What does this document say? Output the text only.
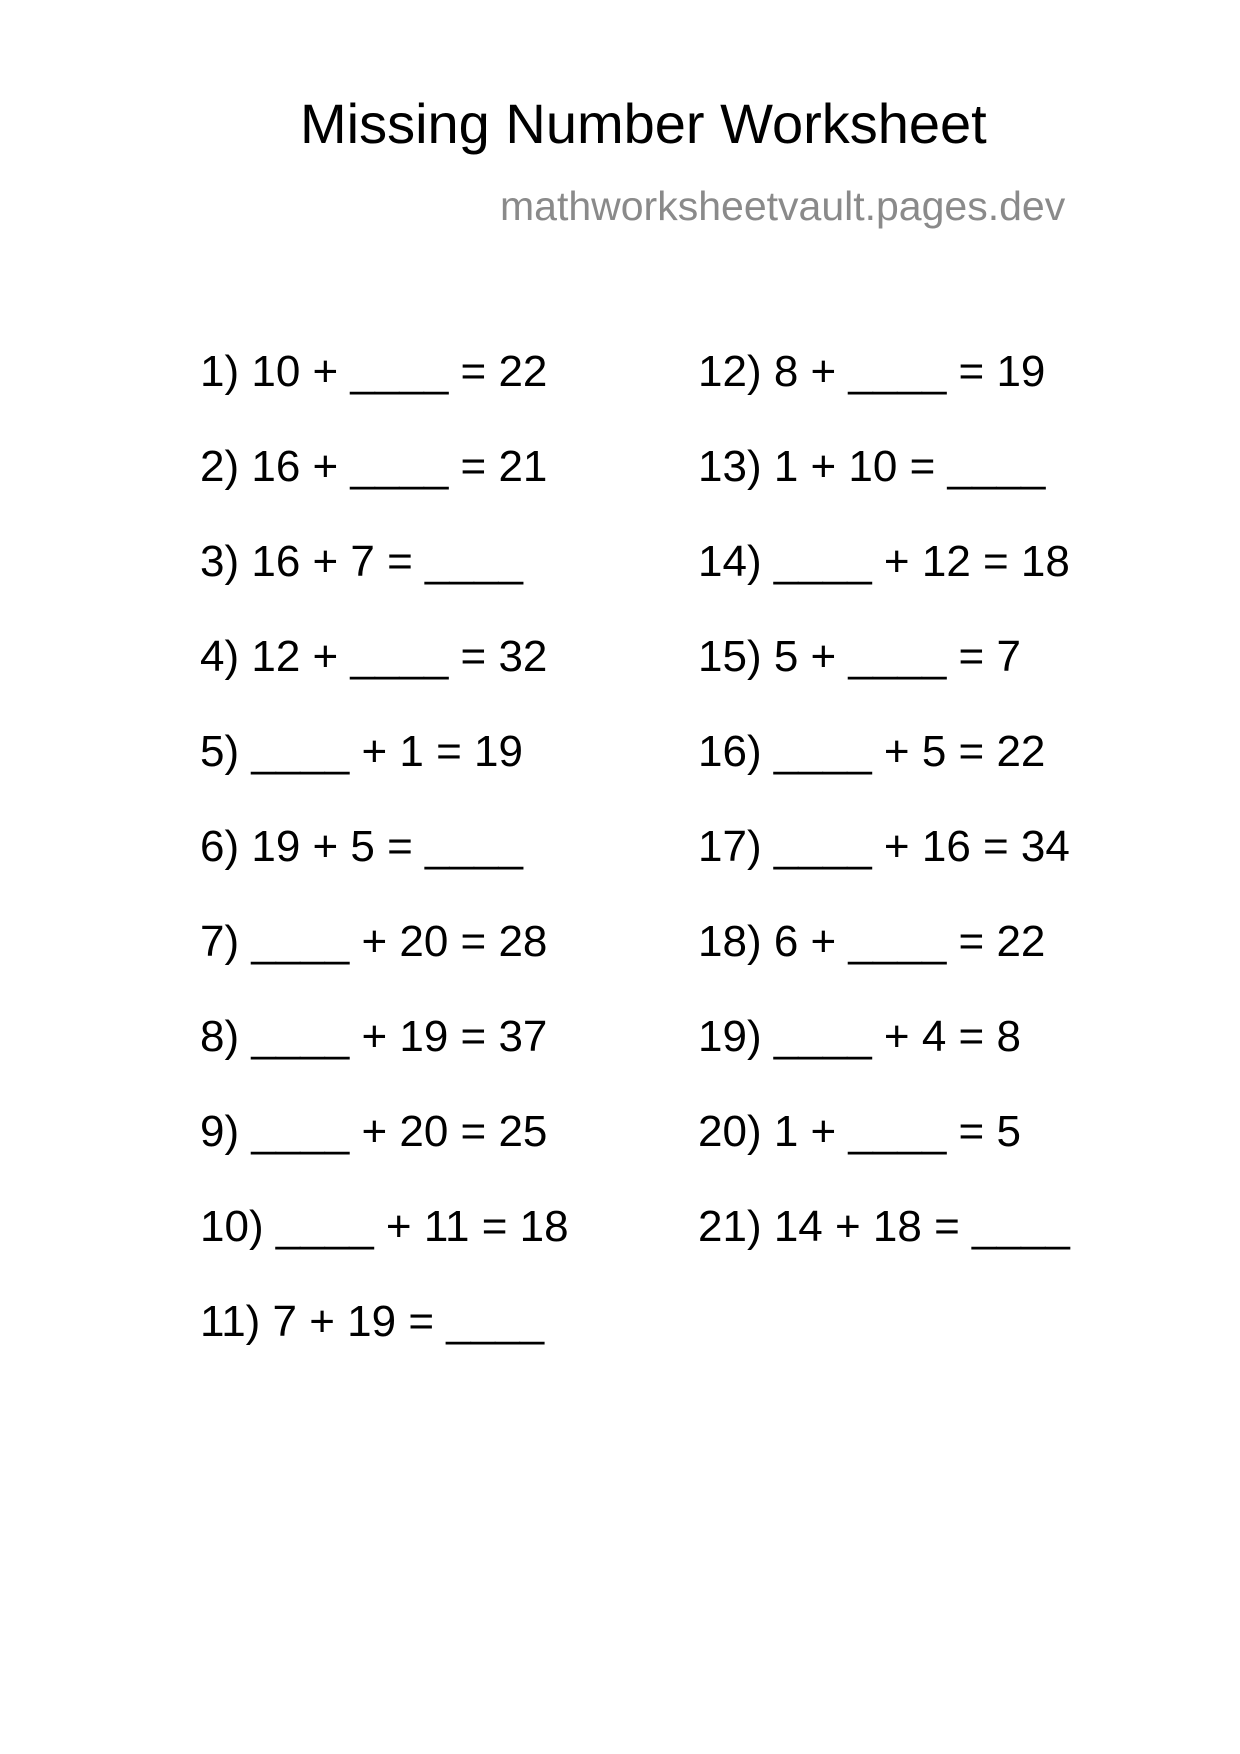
Missing Number Worksheet
mathworksheetvault.pages.dev
1) 10 + ____ = 22
2) 16 + ____ = 21
3) 16 + 7 = ____
4) 12 + ____ = 32
5) ____ + 1 = 19
6) 19 + 5 = ____
7) ____ + 20 = 28
8) ____ + 19 = 37
9) ____ + 20 = 25
10) ____ + 11 = 18
11) 7 + 19 = ____
12) 8 + ____ = 19
13) 1 + 10 = ____
14) ____ + 12 = 18
15) 5 + ____ = 7
16) ____ + 5 = 22
17) ____ + 16 = 34
18) 6 + ____ = 22
19) ____ + 4 = 8
20) 1 + ____ = 5
21) 14 + 18 = ____
